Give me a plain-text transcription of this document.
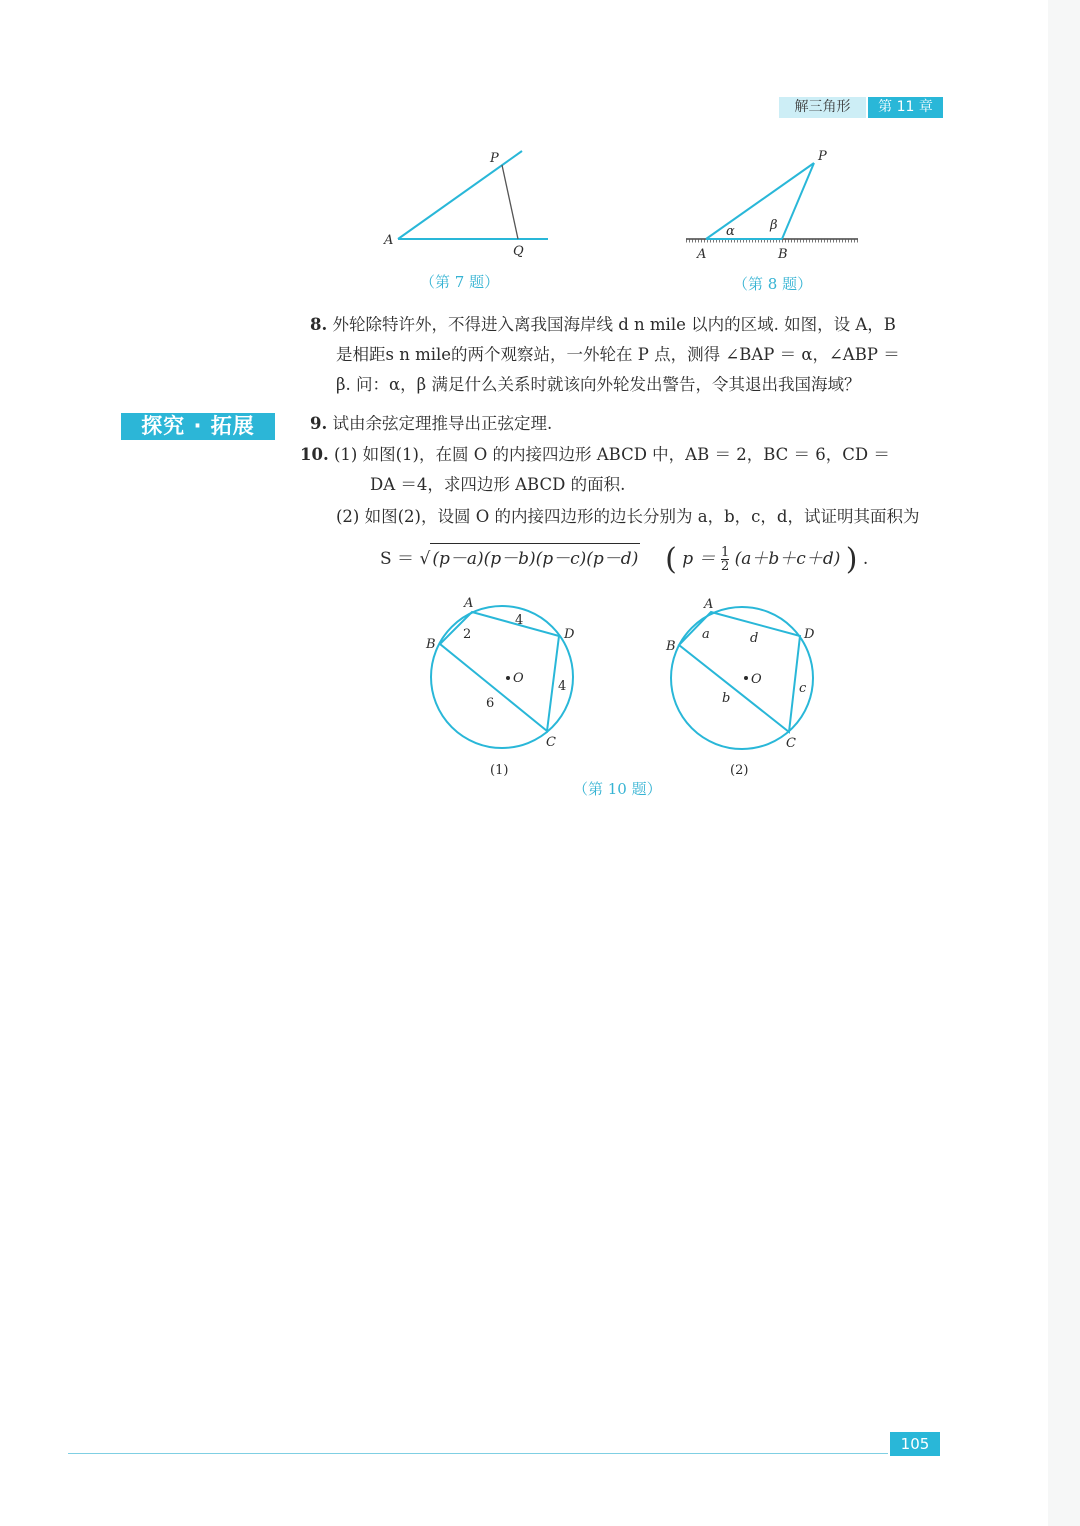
解三角形	第 11 章
P
A
Q
（第 7 题）
P
α	β
A	B
（第 8 题）
8. 外轮除特许外，不得进入离我国海岸线 d n mile 以内的区域. 如图，设 A，B
是相距s n mile的两个观察站，一外轮在 P 点，测得 ∠BAP ＝ α，∠ABP ＝
β. 问：α，β 满足什么关系时就该向外轮发出警告，令其退出我国海域？
探究 · 拓展	9. 试由余弦定理推导出正弦定理.
10. (1) 如图(1)，在圆 O 的内接四边形 ABCD 中，AB ＝ 2，BC ＝ 6，CD ＝
DA ＝4，求四边形 ABCD 的面积.
(2) 如图(2)，设圆 O 的内接四边形的边长分别为 a，b，c，d，试证明其面积为
S ＝ √ (p－a)(p－b)(p－c)(p－d) ( $p = \frac{1}{2} (a+b+c+d)$ ) .
O
A
B
C
D
2
4
4
6
(1)
O
A
B
C
D
a	d
c
b
(2)
（第 10 题）
105
